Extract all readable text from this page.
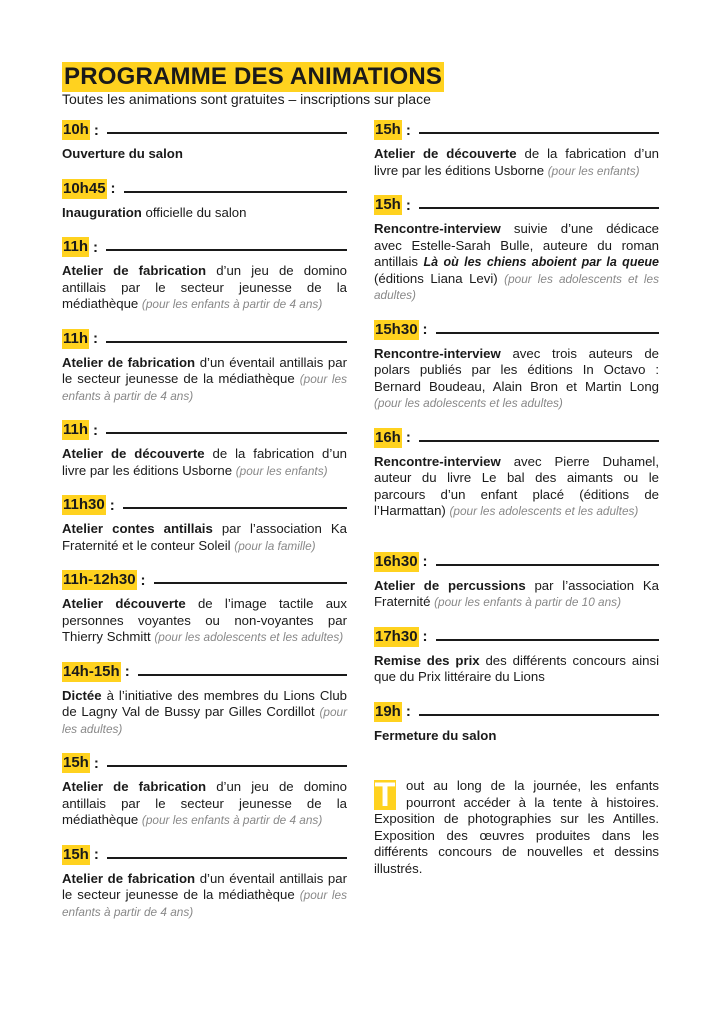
PROGRAMME DES ANIMATIONS
Toutes les animations sont gratuites – inscriptions sur place
10h :
Ouverture du salon
10h45 :
Inauguration officielle du salon
11h :
Atelier de fabrication d’un jeu de domino antillais par le secteur jeunesse de la médiathèque (pour les enfants à partir de 4 ans)
11h :
Atelier de fabrication d’un éventail antillais par le secteur jeunesse de la médiathèque (pour les enfants à partir de 4 ans)
11h :
Atelier de découverte de la fabrication d’un livre par les éditions Usborne (pour les enfants)
11h30 :
Atelier contes antillais par l’association Ka Fraternité et le conteur Soleil (pour la famille)
11h-12h30 :
Atelier découverte de l’image tactile aux personnes voyantes ou non-voyantes par Thierry Schmitt (pour les adolescents et les adultes)
14h-15h :
Dictée à l’initiative des membres du Lions Club de Lagny Val de Bussy par Gilles Cordillot (pour les adultes)
15h :
Atelier de fabrication d’un jeu de domino antillais par le secteur jeunesse de la médiathèque (pour les enfants à partir de 4 ans)
15h :
Atelier de fabrication d’un éventail antillais par le secteur jeunesse de la médiathèque (pour les enfants à partir de 4 ans)
15h :
Atelier de découverte de la fabrication d’un livre par les éditions Usborne (pour les enfants)
15h :
Rencontre-interview suivie d’une dédicace avec Estelle-Sarah Bulle, auteure du roman antillais Là où les chiens aboient par la queue (éditions Liana Levi) (pour les adolescents et les adultes)
15h30 :
Rencontre-interview avec trois auteurs de polars publiés par les éditions In Octavo : Bernard Boudeau, Alain Bron et Martin Long (pour les adolescents et les adultes)
16h :
Rencontre-interview avec Pierre Duhamel, auteur du livre Le bal des aimants ou le parcours d’un enfant placé (éditions de l’Harmattan) (pour les adolescents et les adultes)
16h30 :
Atelier de percussions par l’association Ka Fraternité (pour les enfants à partir de 10 ans)
17h30 :
Remise des prix des différents concours ainsi que du Prix littéraire du Lions
19h :
Fermeture du salon
T out au long de la journée, les enfants pourront accéder à la tente à histoires. Exposition de photographies sur les Antilles. Exposition des œuvres produites dans les différents concours de nouvelles et dessins illustrés.
